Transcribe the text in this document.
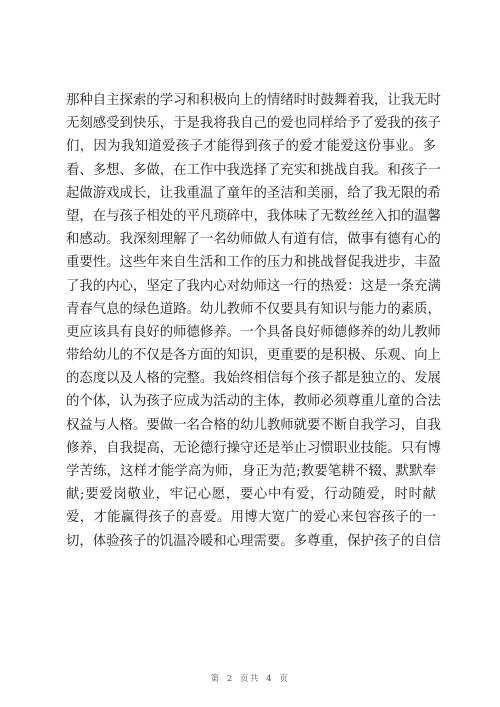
那种自主探索的学习和积极向上的情绪时时鼓舞着我，让我无时
无刻感受到快乐，于是我将我自己的爱也同样给予了爱我的孩子
们，因为我知道爱孩子才能得到孩子的爱才能爱这份事业。多
看、多想、多做，在工作中我选择了充实和挑战自我。和孩子一
起做游戏成长，让我重温了童年的圣洁和美丽，给了我无限的希
望，在与孩子相处的平凡琐碎中，我体味了无数丝丝入扣的温馨
和感动。我深刻理解了一名幼师做人有道有信，做事有德有心的
重要性。这些年来自生活和工作的压力和挑战督促我进步，丰盈
了我的内心，坚定了我内心对幼师这一行的热爱：这是一条充满
青春气息的绿色道路。幼儿教师不仅要具有知识与能力的素质，
更应该具有良好的师德修养。一个具备良好师德修养的幼儿教师
带给幼儿的不仅是各方面的知识，更重要的是积极、乐观、向上
的态度以及人格的完整。我始终相信每个孩子都是独立的、发展
的个体，认为孩子应成为活动的主体，教师必须尊重儿童的合法
权益与人格。要做一名合格的幼儿教师就要不断自我学习，自我
修养，自我提高，无论德行操守还是举止习惯职业技能。只有博
学苦练，这样才能学高为师，身正为范;教要笔耕不辍、默默奉
献;要爱岗敬业，牢记心愿，要心中有爱，行动随爱，时时献
爱，才能赢得孩子的喜爱。用博大宽广的爱心来包容孩子的一
切，体验孩子的饥温冷暖和心理需要。多尊重，保护孩子的自信
第 2 页共 4 页
